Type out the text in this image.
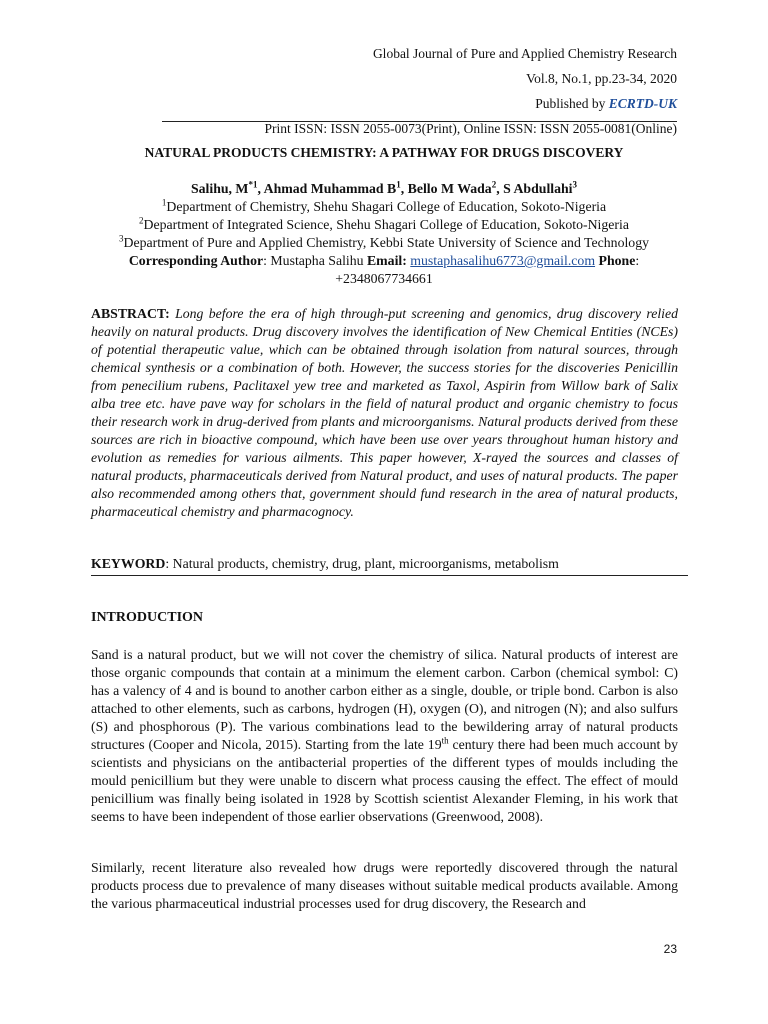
Global Journal of Pure and Applied Chemistry Research
Vol.8, No.1, pp.23-34, 2020
Published by ECRTD-UK
Print ISSN: ISSN 2055-0073(Print), Online ISSN: ISSN 2055-0081(Online)
NATURAL PRODUCTS CHEMISTRY: A PATHWAY FOR DRUGS DISCOVERY
Salihu, $M^{*1}$, Ahmad Muhammad $B^1$, Bello M Wada$^2$, S Abdullahi$^3$
$^1$Department of Chemistry, Shehu Shagari College of Education, Sokoto-Nigeria
$^2$Department of Integrated Science, Shehu Shagari College of Education, Sokoto-Nigeria
$^3$Department of Pure and Applied Chemistry, Kebbi State University of Science and Technology
Corresponding Author: Mustapha Salihu Email: mustaphasalihu6773@gmail.com Phone:
+2348067734661
ABSTRACT: Long before the era of high through-put screening and genomics, drug discovery relied heavily on natural products. Drug discovery involves the identification of New Chemical Entities (NCEs) of potential therapeutic value, which can be obtained through isolation from natural sources, through chemical synthesis or a combination of both. However, the success stories for the discoveries Penicillin from penecilium rubens, Paclitaxel yew tree and marketed as Taxol, Aspirin from Willow bark of Salix alba tree etc. have pave way for scholars in the field of natural product and organic chemistry to focus their research work in drug-derived from plants and microorganisms. Natural products derived from these sources are rich in bioactive compound, which have been use over years throughout human history and evolution as remedies for various ailments. This paper however, X-rayed the sources and classes of natural products, pharmaceuticals derived from Natural product, and uses of natural products. The paper also recommended among others that, government should fund research in the area of natural products, pharmaceutical chemistry and pharmacognocy.
KEYWORD: Natural products, chemistry, drug, plant, microorganisms, metabolism
INTRODUCTION
Sand is a natural product, but we will not cover the chemistry of silica. Natural products of interest are those organic compounds that contain at a minimum the element carbon. Carbon (chemical symbol: C) has a valency of 4 and is bound to another carbon either as a single, double, or triple bond. Carbon is also attached to other elements, such as carbons, hydrogen (H), oxygen (O), and nitrogen (N); and also sulfurs (S) and phosphorous (P). The various combinations lead to the bewildering array of natural products structures (Cooper and Nicola, 2015). Starting from the late 19th century there had been much account by scientists and physicians on the antibacterial properties of the different types of moulds including the mould penicillium but they were unable to discern what process causing the effect. The effect of mould penicillium was finally being isolated in 1928 by Scottish scientist Alexander Fleming, in his work that seems to have been independent of those earlier observations (Greenwood, 2008).
Similarly, recent literature also revealed how drugs were reportedly discovered through the natural products process due to prevalence of many diseases without suitable medical products available. Among the various pharmaceutical industrial processes used for drug discovery, the Research and
23
